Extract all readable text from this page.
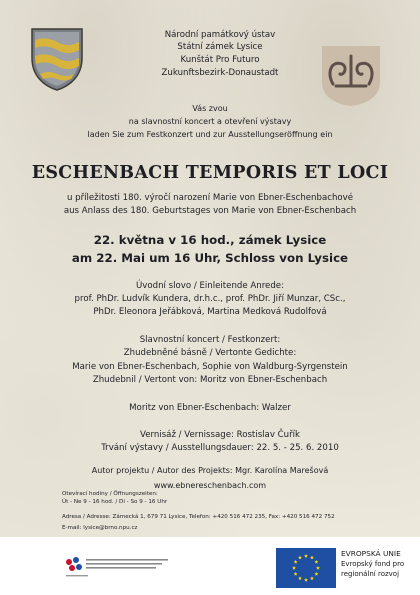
Národní památkový ústav
Státní zámek Lysice
Kunštát Pro Futuro
Zukunftsbezirk-Donaustadt
Vás zvou
na slavnostní koncert a otevření výstavy
laden Sie zum Festkonzert und zur Ausstellungseröffnung ein
ESCHENBACH TEMPORIS ET LOCI
u příležitosti 180. výročí narození Marie von Ebner-Eschenbachové
aus Anlass des 180. Geburtstages von Marie von Ebner-Eschenbach
22. května v 16 hod., zámek Lysice
am 22. Mai um 16 Uhr, Schloss von Lysice
Úvodní slovo / Einleitende Anrede:
prof. PhDr. Ludvík Kundera, dr.h.c., prof. PhDr. Jiří Munzar, CSc.,
PhDr. Eleonora Jeřábková, Martina Medková Rudolfová
Slavnostní koncert / Festkonzert:
Zhudebněné básně / Vertonte Gedichte:
Marie von Ebner-Eschenbach, Sophie von Waldburg-Syrgenstein
Zhudebnil / Vertont von: Moritz von Ebner-Eschenbach
Moritz von Ebner-Eschenbach: Walzer
Vernisáž / Vernissage: Rostislav Čuřík
Trvání výstavy / Ausstellungsdauer: 22. 5. - 25. 6. 2010
Autor projektu / Autor des Projekts: Mgr. Karolína Marešová
www.ebnereschenbach.com
Otevírací hodiny / Öffnungszeiten:
Út - Ne 9 - 16 hod. / Di - So 9 - 16 Uhr
Adresa / Adresse: Zámecká 1, 679 71 Lysice, Telefon: +420 516 472 235, Fax: +420 516 472 752
E-mail: lysice@brno.npu.cz
EVROPSKÁ UNIE
Evropský fond pro
regionální rozvoj
